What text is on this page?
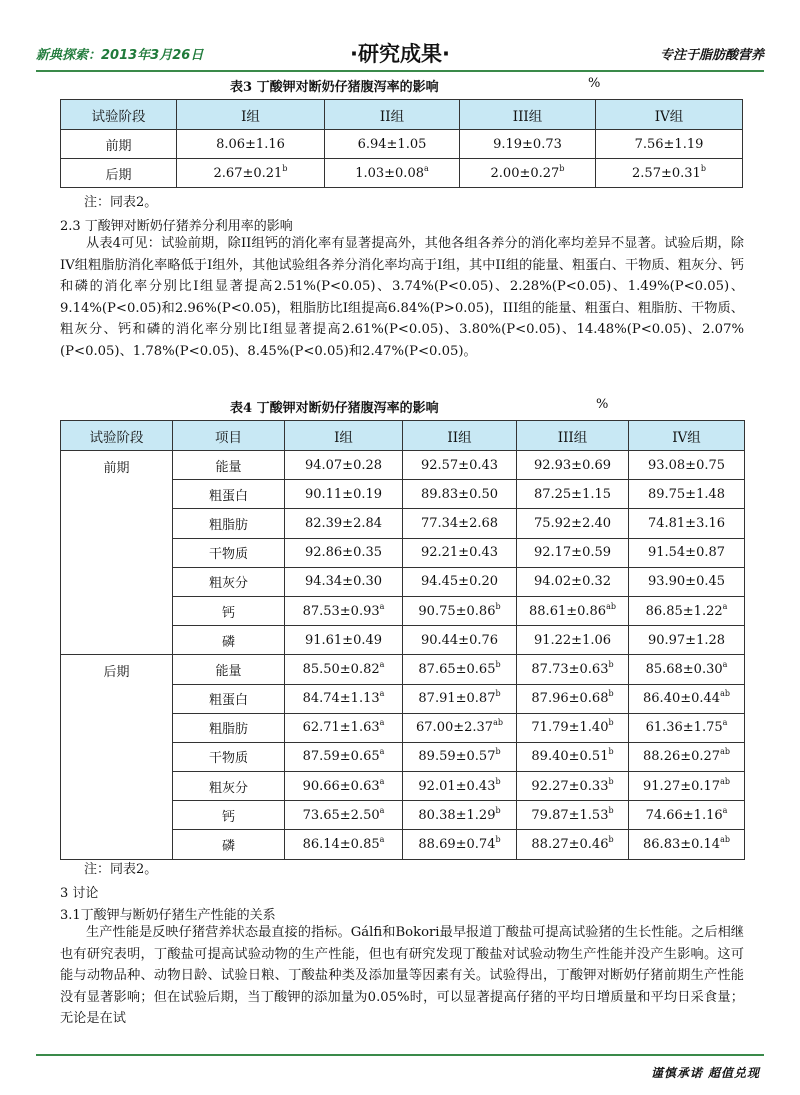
新典探索：2013年3月26日	·研究成果·	专注于脂肪酸营养
表3 丁酸钾对断奶仔猪腹泻率的影响	%
试验阶段	I组	II组	III组	IV组
前期	8.06±1.16	6.94±1.05	9.19±0.73	7.56±1.19
后期	2.67±0.21$^b$	1.03±0.08$^a$	2.00±0.27$^b$	2.57±0.31$^b$
注：同表2。
2.3 丁酸钾对断奶仔猪养分利用率的影响

从表4可见：试验前期，除II组钙的消化率有显著提高外，其他各组各养分的消化率均差异不显著。试验后期，除IV组粗脂肪消化率略低于I组外，其他试验组各养分消化率均高于I组，其中II组的能量、粗蛋白、干物质、粗灰分、钙和磷的消化率分别比I组显著提高2.51%(P<0.05)、3.74%(P<0.05)、2.28%(P<0.05)、1.49%(P<0.05)、9.14%(P<0.05)和2.96%(P<0.05)，粗脂肪比I组提高6.84%(P>0.05)，III组的能量、粗蛋白、粗脂肪、干物质、粗灰分、钙和磷的消化率分别比I组显著提高2.61%(P<0.05)、3.80%(P<0.05)、14.48%(P<0.05)、2.07%(P<0.05)、1.78%(P<0.05)、8.45%(P<0.05)和2.47%(P<0.05)。

表4 丁酸钾对断奶仔猪腹泻率的影响	%
试验阶段	项目	I组	II组	III组	IV组
前期	能量	94.07±0.28	92.57±0.43	92.93±0.69	93.08±0.75
	粗蛋白	90.11±0.19	89.83±0.50	87.25±1.15	89.75±1.48
	粗脂肪	82.39±2.84	77.34±2.68	75.92±2.40	74.81±3.16
	干物质	92.86±0.35	92.21±0.43	92.17±0.59	91.54±0.87
	粗灰分	94.34±0.30	94.45±0.20	94.02±0.32	93.90±0.45
	钙	87.53±0.93$^a$	90.75±0.86$^b$	88.61±0.86$^{ab}$	86.85±1.22$^a$
	磷	91.61±0.49	90.44±0.76	91.22±1.06	90.97±1.28
后期	能量	85.50±0.82$^a$	87.65±0.65$^b$	87.73±0.63$^b$	85.68±0.30$^a$
	粗蛋白	84.74±1.13$^a$	87.91±0.87$^b$	87.96±0.68$^b$	86.40±0.44$^{ab}$
	粗脂肪	62.71±1.63$^a$	67.00±2.37$^{ab}$	71.79±1.40$^b$	61.36±1.75$^a$
	干物质	87.59±0.65$^a$	89.59±0.57$^b$	89.40±0.51$^b$	88.26±0.27$^{ab}$
	粗灰分	90.66±0.63$^a$	92.01±0.43$^b$	92.27±0.33$^b$	91.27±0.17$^{ab}$
	钙	73.65±2.50$^a$	80.38±1.29$^b$	79.87±1.53$^b$	74.66±1.16$^a$
	磷	86.14±0.85$^a$	88.69±0.74$^b$	88.27±0.46$^b$	86.83±0.14$^{ab}$
注：同表2。
3 讨论
3.1丁酸钾与断奶仔猪生产性能的关系

生产性能是反映仔猪营养状态最直接的指标。Gálfi和Bokori最早报道丁酸盐可提高试验猪的生长性能。之后相继也有研究表明，丁酸盐可提高试验动物的生产性能，但也有研究发现丁酸盐对试验动物生产性能并没产生影响。这可能与动物品种、动物日龄、试验日粮、丁酸盐种类及添加量等因素有关。试验得出，丁酸钾对断奶仔猪前期生产性能没有显著影响；但在试验后期，当丁酸钾的添加量为0.05%时，可以显著提高仔猪的平均日增质量和平均日采食量；无论是在试

谨慎承诺 超值兑现
